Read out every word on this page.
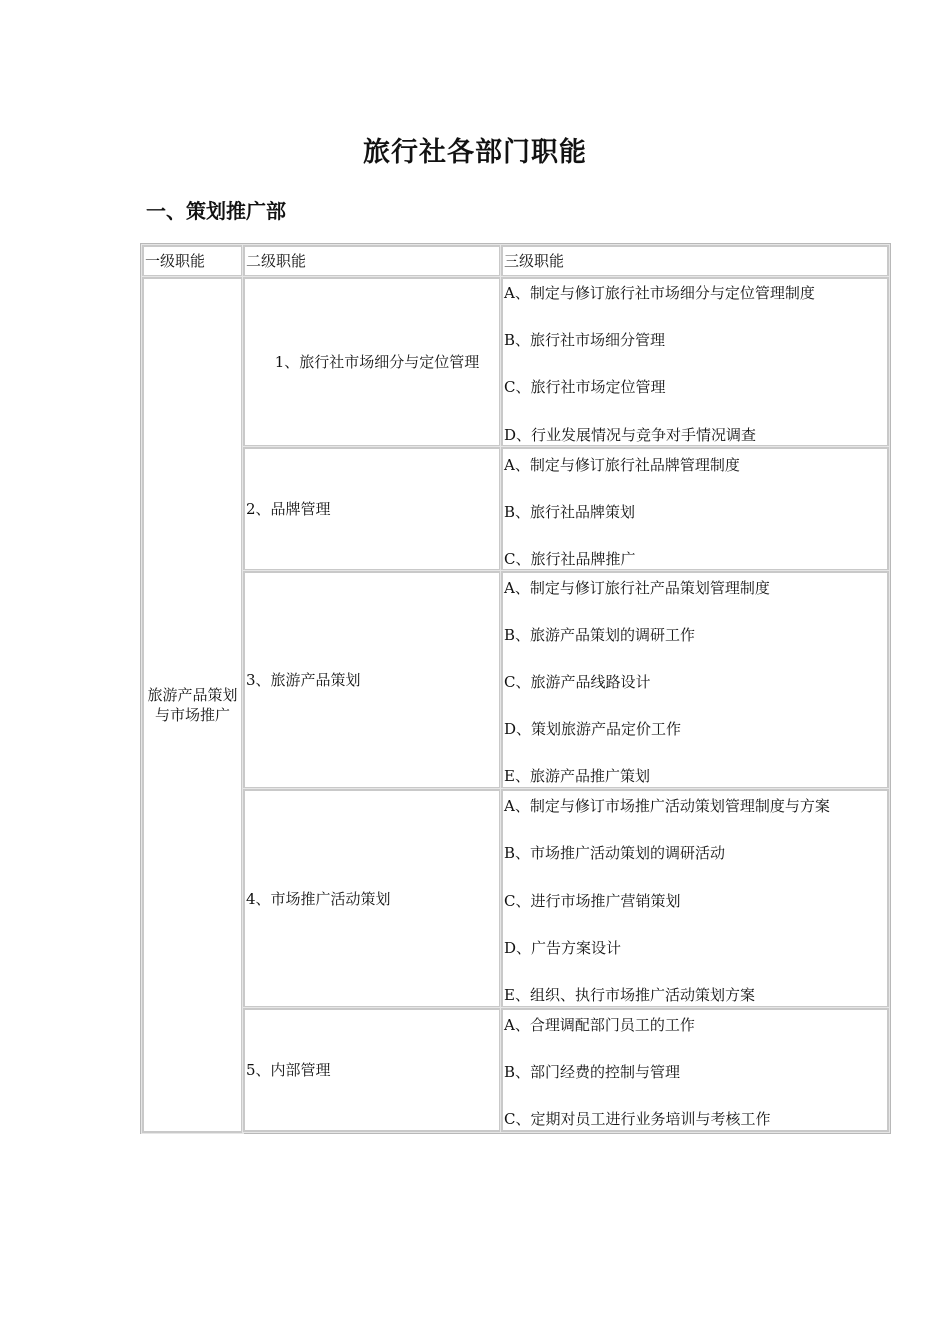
旅行社各部门职能
一、策划推广部
一级职能	二级职能	三级职能
旅游产品策划与市场推广
1、旅行社市场细分与定位管理
A、制定与修订旅行社市场细分与定位管理制度
B、旅行社市场细分管理
C、旅行社市场定位管理
D、行业发展情况与竞争对手情况调查
2、品牌管理
A、制定与修订旅行社品牌管理制度
B、旅行社品牌策划
C、旅行社品牌推广
3、旅游产品策划
A、制定与修订旅行社产品策划管理制度
B、旅游产品策划的调研工作
C、旅游产品线路设计
D、策划旅游产品定价工作
E、旅游产品推广策划
4、市场推广活动策划
A、制定与修订市场推广活动策划管理制度与方案
B、市场推广活动策划的调研活动
C、进行市场推广营销策划
D、广告方案设计
E、组织、执行市场推广活动策划方案
5、内部管理
A、合理调配部门员工的工作
B、部门经费的控制与管理
C、定期对员工进行业务培训与考核工作
